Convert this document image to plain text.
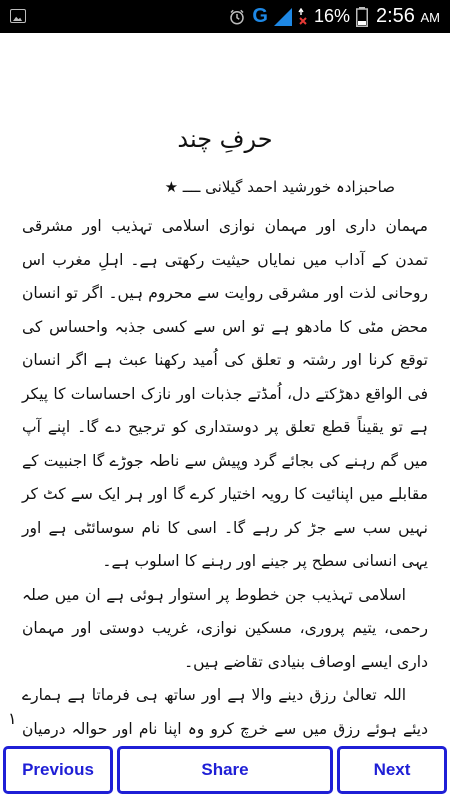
G	16% 2:56 AM
حرفِ چند
صاحبزادہ خورشید احمد گیلانی ــــ ★

مہمان داری اور مہمان نوازی اسلامی تہذیب اور مشرقی تمدن کے آداب میں نمایاں حیثیت رکھتی ہے۔ اہلِ مغرب اس روحانی لذت اور مشرقی روایت سے محروم ہیں۔ اگر تو انسان محض مٹی کا مادھو ہے تو اس سے کسی جذبہ واحساس کی توقع کرنا اور رشتہ و تعلق کی اُمید رکھنا عبث ہے اگر انسان فی الواقع دھڑکتے دل، اُمڈتے جذبات اور نازک احساسات کا پیکر ہے تو یقیناً قطع تعلق پر دوستداری کو ترجیح دے گا۔ اپنے آپ میں گم رہنے کی بجائے گرد وپیش سے ناطہ جوڑے گا اجنبیت کے مقابلے میں اپنائیت کا رویہ اختیار کرے گا اور ہر ایک سے کٹ کر نہیں سب سے جڑ کر رہے گا۔ اسی کا نام سوسائٹی ہے اور یہی انسانی سطح پر جینے اور رہنے کا اسلوب ہے۔

اسلامی تہذیب جن خطوط پر استوار ہوئی ہے ان میں صلہ رحمی، یتیم پروری، مسکین نوازی، غریب دوستی اور مہمان داری ایسے اوصاف بنیادی تقاضے ہیں۔

اللہ تعالیٰ رزق دینے والا ہے اور ساتھ ہی فرماتا ہے ہمارے دیئے ہوئے رزق میں سے خرچ کرو وہ اپنا نام اور حوالہ درمیان

۱
Previous	Share	Next
